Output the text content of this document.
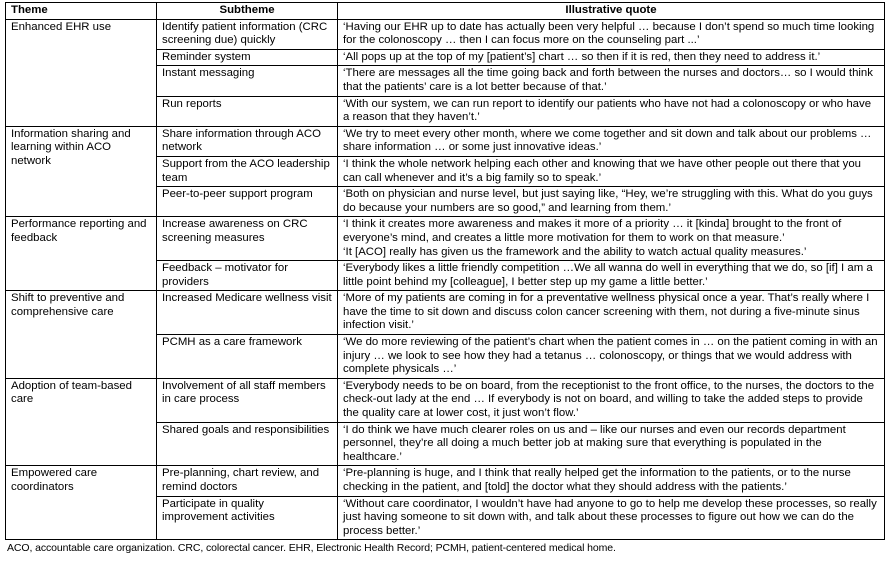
Theme	Subtheme	Illustrative quote
Enhanced EHR use	Identify patient information (CRC screening due) quickly	‘Having our EHR up to date has actually been very helpful … because I don’t spend so much time looking for the colonoscopy … then I can focus more on the counseling part ...’
	Reminder system	‘All pops up at the top of my [patient’s] chart … so then if it is red, then they need to address it.’
	Instant messaging	‘There are messages all the time going back and forth between the nurses and doctors… so I would think that the patients’ care is a lot better because of that.’
	Run reports	‘With our system, we can run report to identify our patients who have not had a colonoscopy or who have a reason that they haven’t.’
Information sharing and learning within ACO network	Share information through ACO network	‘We try to meet every other month, where we come together and sit down and talk about our problems … share information … or some just innovative ideas.’
	Support from the ACO leadership team	‘I think the whole network helping each other and knowing that we have other people out there that you can call whenever and it’s a big family so to speak.’
	Peer-to-peer support program	‘Both on physician and nurse level, but just saying like, “Hey, we’re struggling with this. What do you guys do because your numbers are so good,” and learning from them.’
Performance reporting and feedback	Increase awareness on CRC screening measures	‘I think it creates more awareness and makes it more of a priority … it [kinda] brought to the front of everyone’s mind, and creates a little more motivation for them to work on that measure.’
‘It [ACO] really has given us the framework and the ability to watch actual quality measures.’

	Feedback – motivator for providers	‘Everybody likes a little friendly competition …We all wanna do well in everything that we do, so [if] I am a little point behind my [colleague], I better step up my game a little better.’
Shift to preventive and comprehensive care	Increased Medicare wellness visit	‘More of my patients are coming in for a preventative wellness physical once a year. That’s really where I have the time to sit down and discuss colon cancer screening with them, not during a five-minute sinus infection visit.’
	PCMH as a care framework	‘We do more reviewing of the patient’s chart when the patient comes in … on the patient coming in with an injury … we look to see how they had a tetanus … colonoscopy, or things that we would address with complete physicals …’
Adoption of team-based care	Involvement of all staff members in care process	‘Everybody needs to be on board, from the receptionist to the front office, to the nurses, the doctors to the check-out lady at the end … If everybody is not on board, and willing to take the added steps to provide the quality care at lower cost, it just won’t flow.’
	Shared goals and responsibilities	‘I do think we have much clearer roles on us and – like our nurses and even our records department personnel, they’re all doing a much better job at making sure that everything is populated in the healthcare.’
Empowered care coordinators	Pre-planning, chart review, and remind doctors	‘Pre-planning is huge, and I think that really helped get the information to the patients, or to the nurse checking in the patient, and [told] the doctor what they should address with the patients.’
	Participate in quality improvement activities	‘Without care coordinator, I wouldn’t have had anyone to go to help me develop these processes, so really just having someone to sit down with, and talk about these processes to figure out how we can do the process better.’
ACO, accountable care organization. CRC, colorectal cancer. EHR, Electronic Health Record; PCMH, patient-centered medical home.
